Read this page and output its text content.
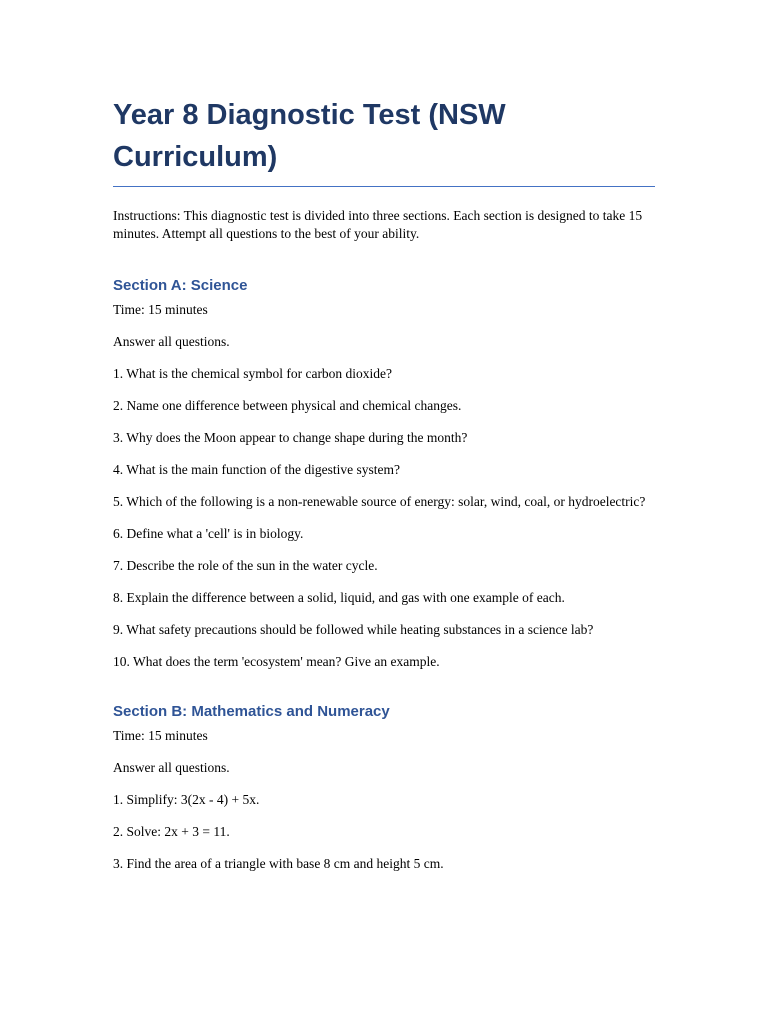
Year 8 Diagnostic Test (NSW Curriculum)

Instructions: This diagnostic test is divided into three sections. Each section is designed to take 15 minutes. Attempt all questions to the best of your ability.

Section A: Science

Time: 15 minutes

Answer all questions.

1. What is the chemical symbol for carbon dioxide?

2. Name one difference between physical and chemical changes.

3. Why does the Moon appear to change shape during the month?

4. What is the main function of the digestive system?

5. Which of the following is a non-renewable source of energy: solar, wind, coal, or hydroelectric?

6. Define what a 'cell' is in biology.

7. Describe the role of the sun in the water cycle.

8. Explain the difference between a solid, liquid, and gas with one example of each.

9. What safety precautions should be followed while heating substances in a science lab?

10. What does the term 'ecosystem' mean? Give an example.

Section B: Mathematics and Numeracy

Time: 15 minutes

Answer all questions.

1. Simplify: 3(2x - 4) + 5x.

2. Solve: 2x + 3 = 11.

3. Find the area of a triangle with base 8 cm and height 5 cm.
